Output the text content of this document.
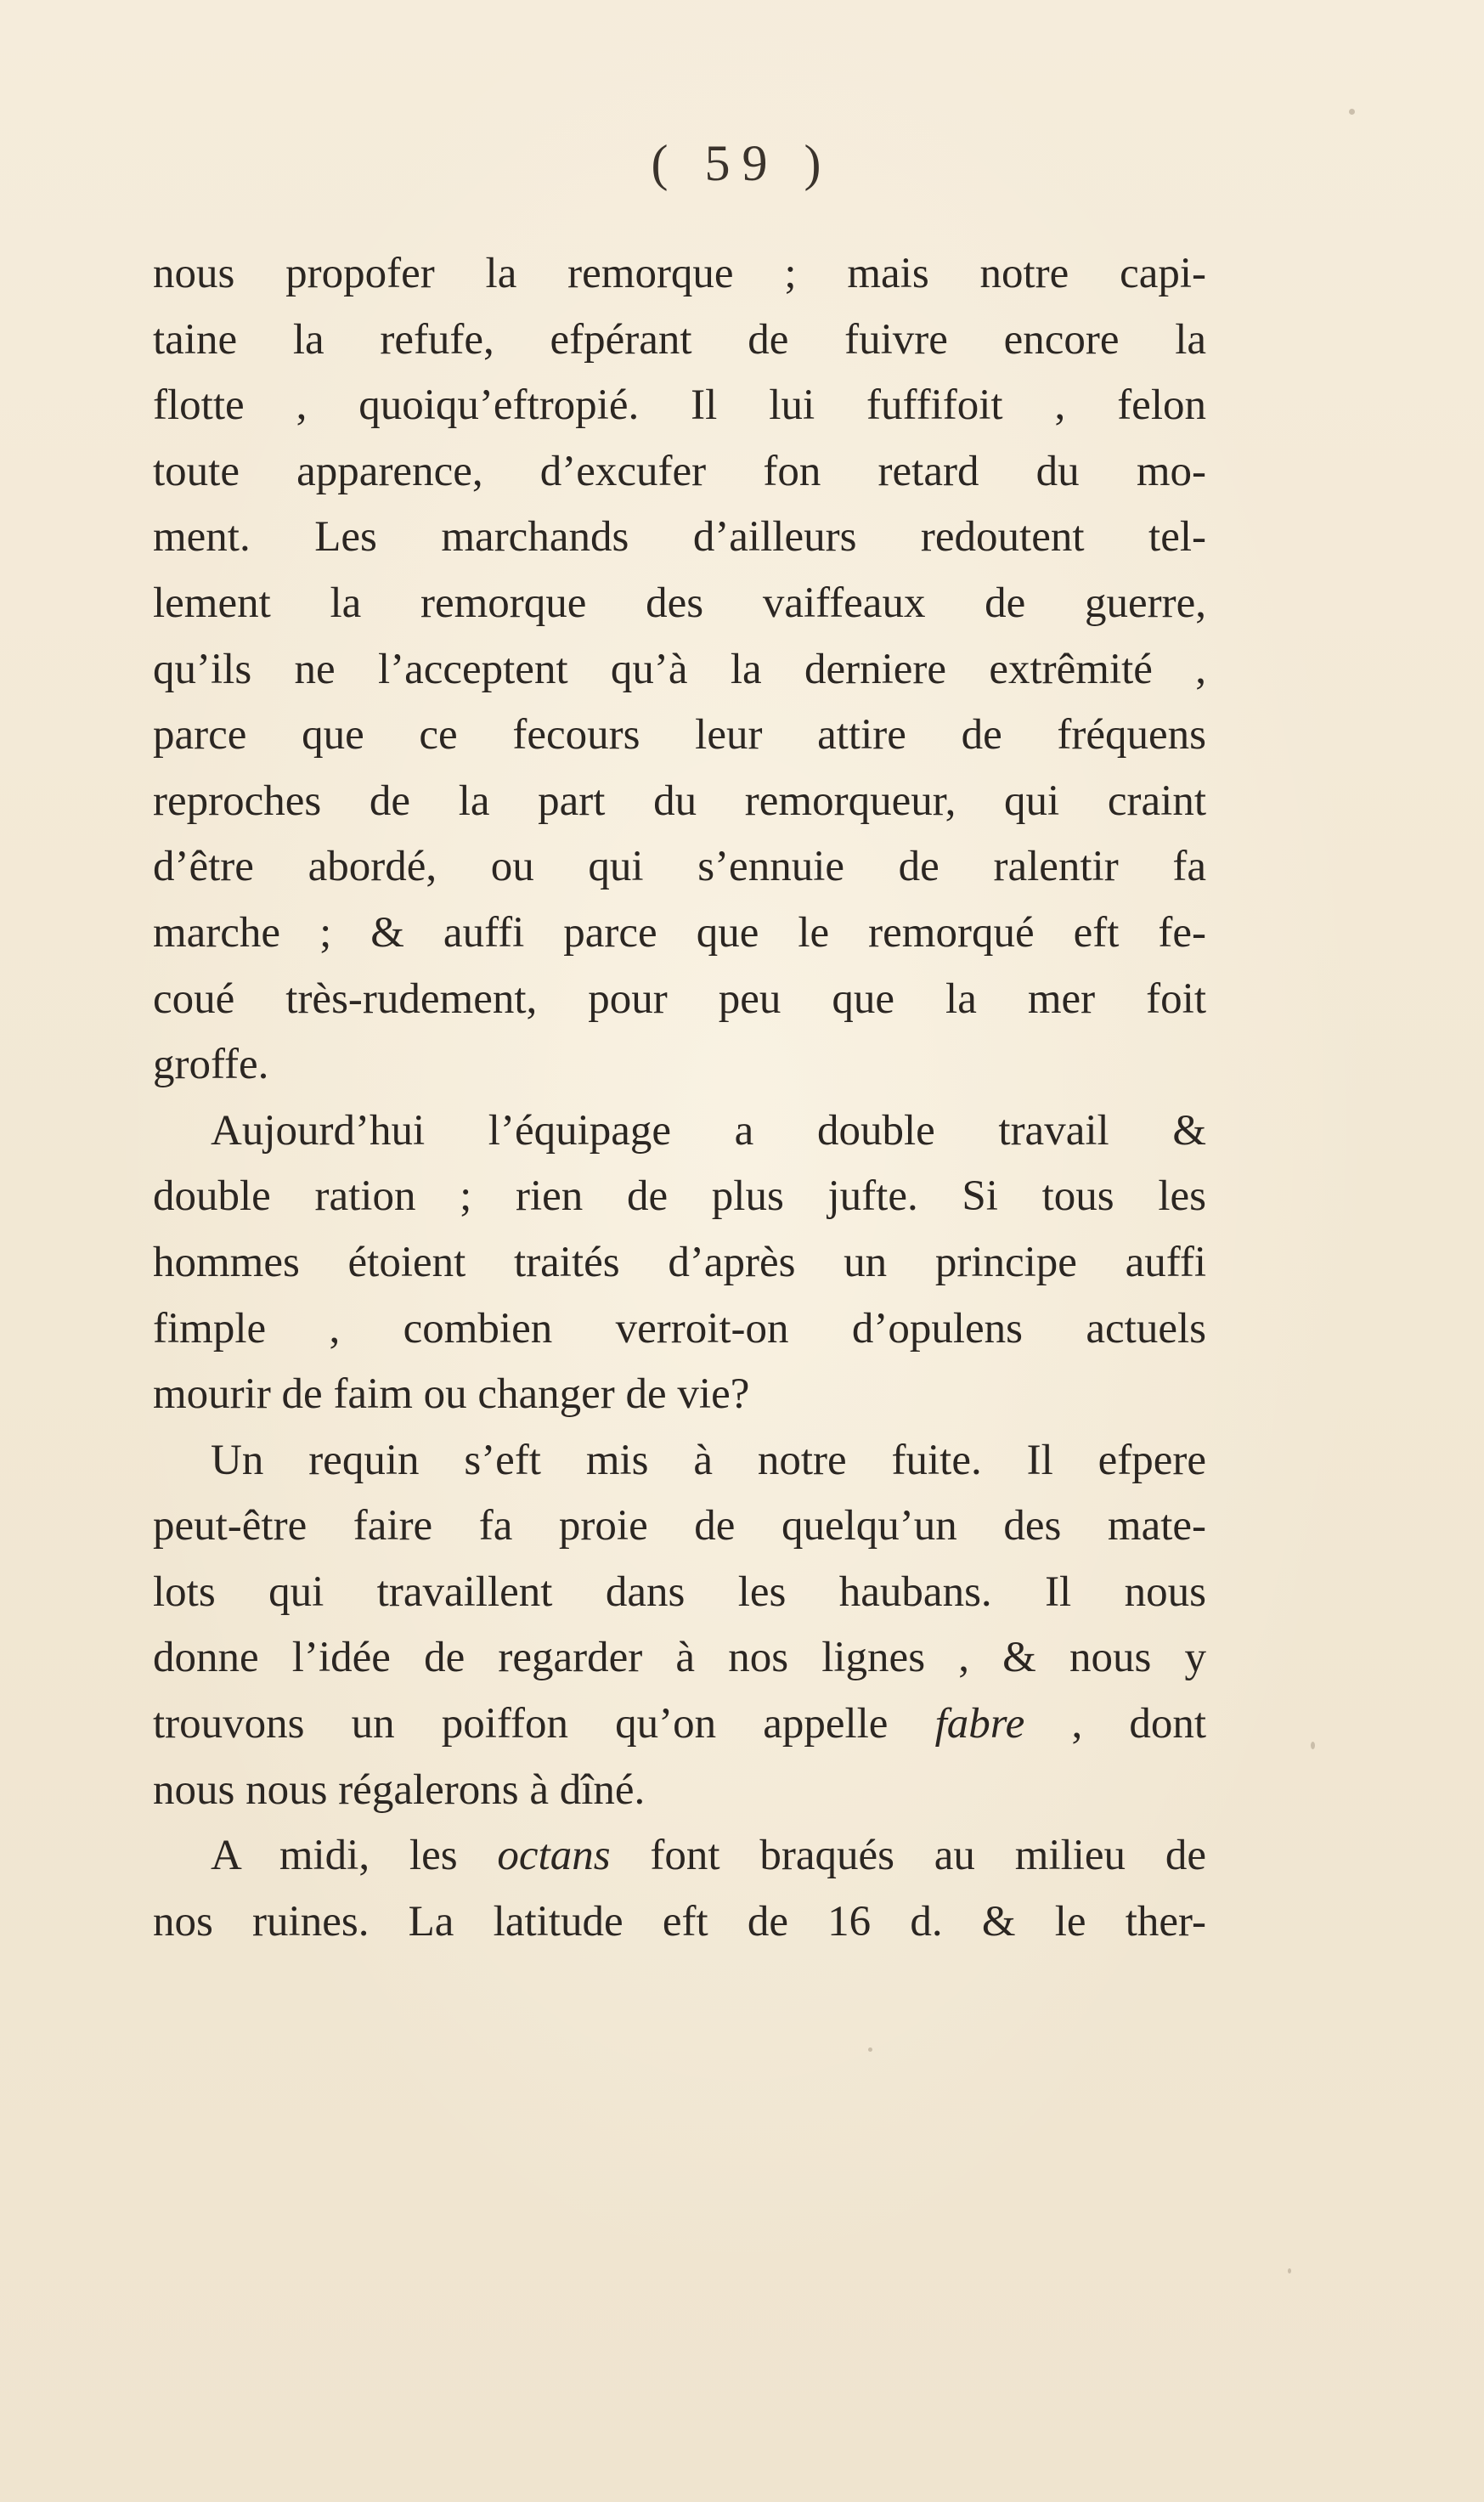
( 59 )
nous propofer la remorque ; mais notre capi-
taine la refufe, efpérant de fuivre encore la
flotte , quoiqu’eftropié. Il lui fuffifoit , felon
toute apparence, d’excufer fon retard du mo-
ment. Les marchands d’ailleurs redoutent tel-
lement la remorque des vaiffeaux de guerre,
qu’ils ne l’acceptent qu’à la derniere extrêmité ,
parce que ce fecours leur attire de fréquens
reproches de la part du remorqueur, qui craint
d’être abordé, ou qui s’ennuie de ralentir fa
marche ; & auffi parce que le remorqué eft fe-
coué très-rudement, pour peu que la mer foit
groffe.
Aujourd’hui l’équipage a double travail &
double ration ; rien de plus jufte. Si tous les
hommes étoient traités d’après un principe auffi
fimple , combien verroit-on d’opulens actuels
mourir de faim ou changer de vie?
Un requin s’eft mis à notre fuite. Il efpere
peut-être faire fa proie de quelqu’un des mate-
lots qui travaillent dans les haubans. Il nous
donne l’idée de regarder à nos lignes , & nous y
trouvons un poiffon qu’on appelle fabre , dont
nous nous régalerons à dîné.
A midi, les octans font braqués au milieu de
nos ruines. La latitude eft de 16 d. & le ther-
